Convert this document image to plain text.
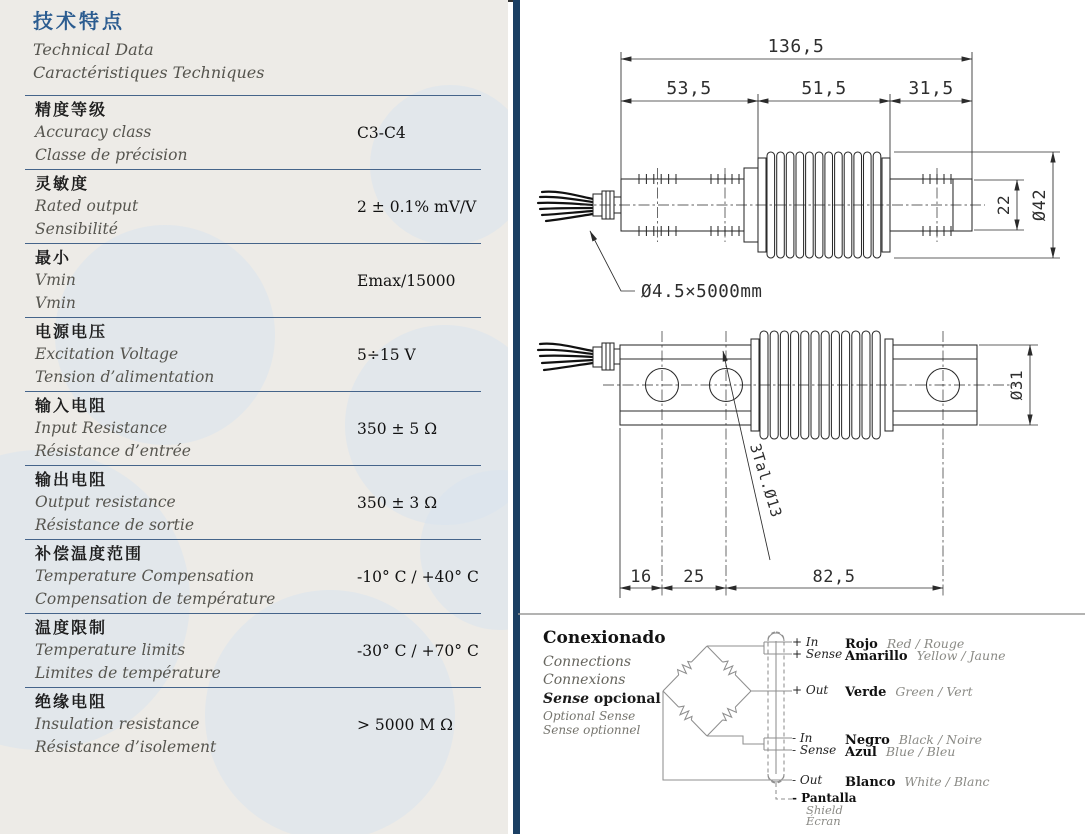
技术特点
Technical Data
Caractéristiques Techniques
精度等级
Accuracy class
Classe de précision
C3-C4
灵敏度
Rated output
Sensibilité
2 ± 0.1% mV/V
最小
Vmin
Vmin
Emax/15000
电源电压
Excitation Voltage
Tension d’alimentation
5÷15 V
输入电阻
Input Resistance
Résistance d’entrée
350 ± 5 Ω
输出电阻
Output resistance
Résistance de sortie
350 ± 3 Ω
补偿温度范围
Temperature Compensation
Compensation de température
-10° C / +40° C
温度限制
Temperature limits
Limites de température
-30° C / +70° C
绝缘电阻
Insulation resistance
Résistance d’isolement
> 5000 M Ω
136,5
53,5	51,5	31,5
22 Ø42
Ø4.5×5000mm
16 25	82,5
Ø31
3Tal.Ø13
Conexionado
Connections
Connexions
Sense opcional
Optional Sense
Sense optionnel
+ In
+ Sense
+ Out
- In
- Sense
- Out
- Pantalla
Shield
Écran
Rojo Red / Rouge
Amarillo Yellow / Jaune
Verde Green / Vert
Negro Black / Noire
Azul Blue / Bleu
Blanco White / Blanc
